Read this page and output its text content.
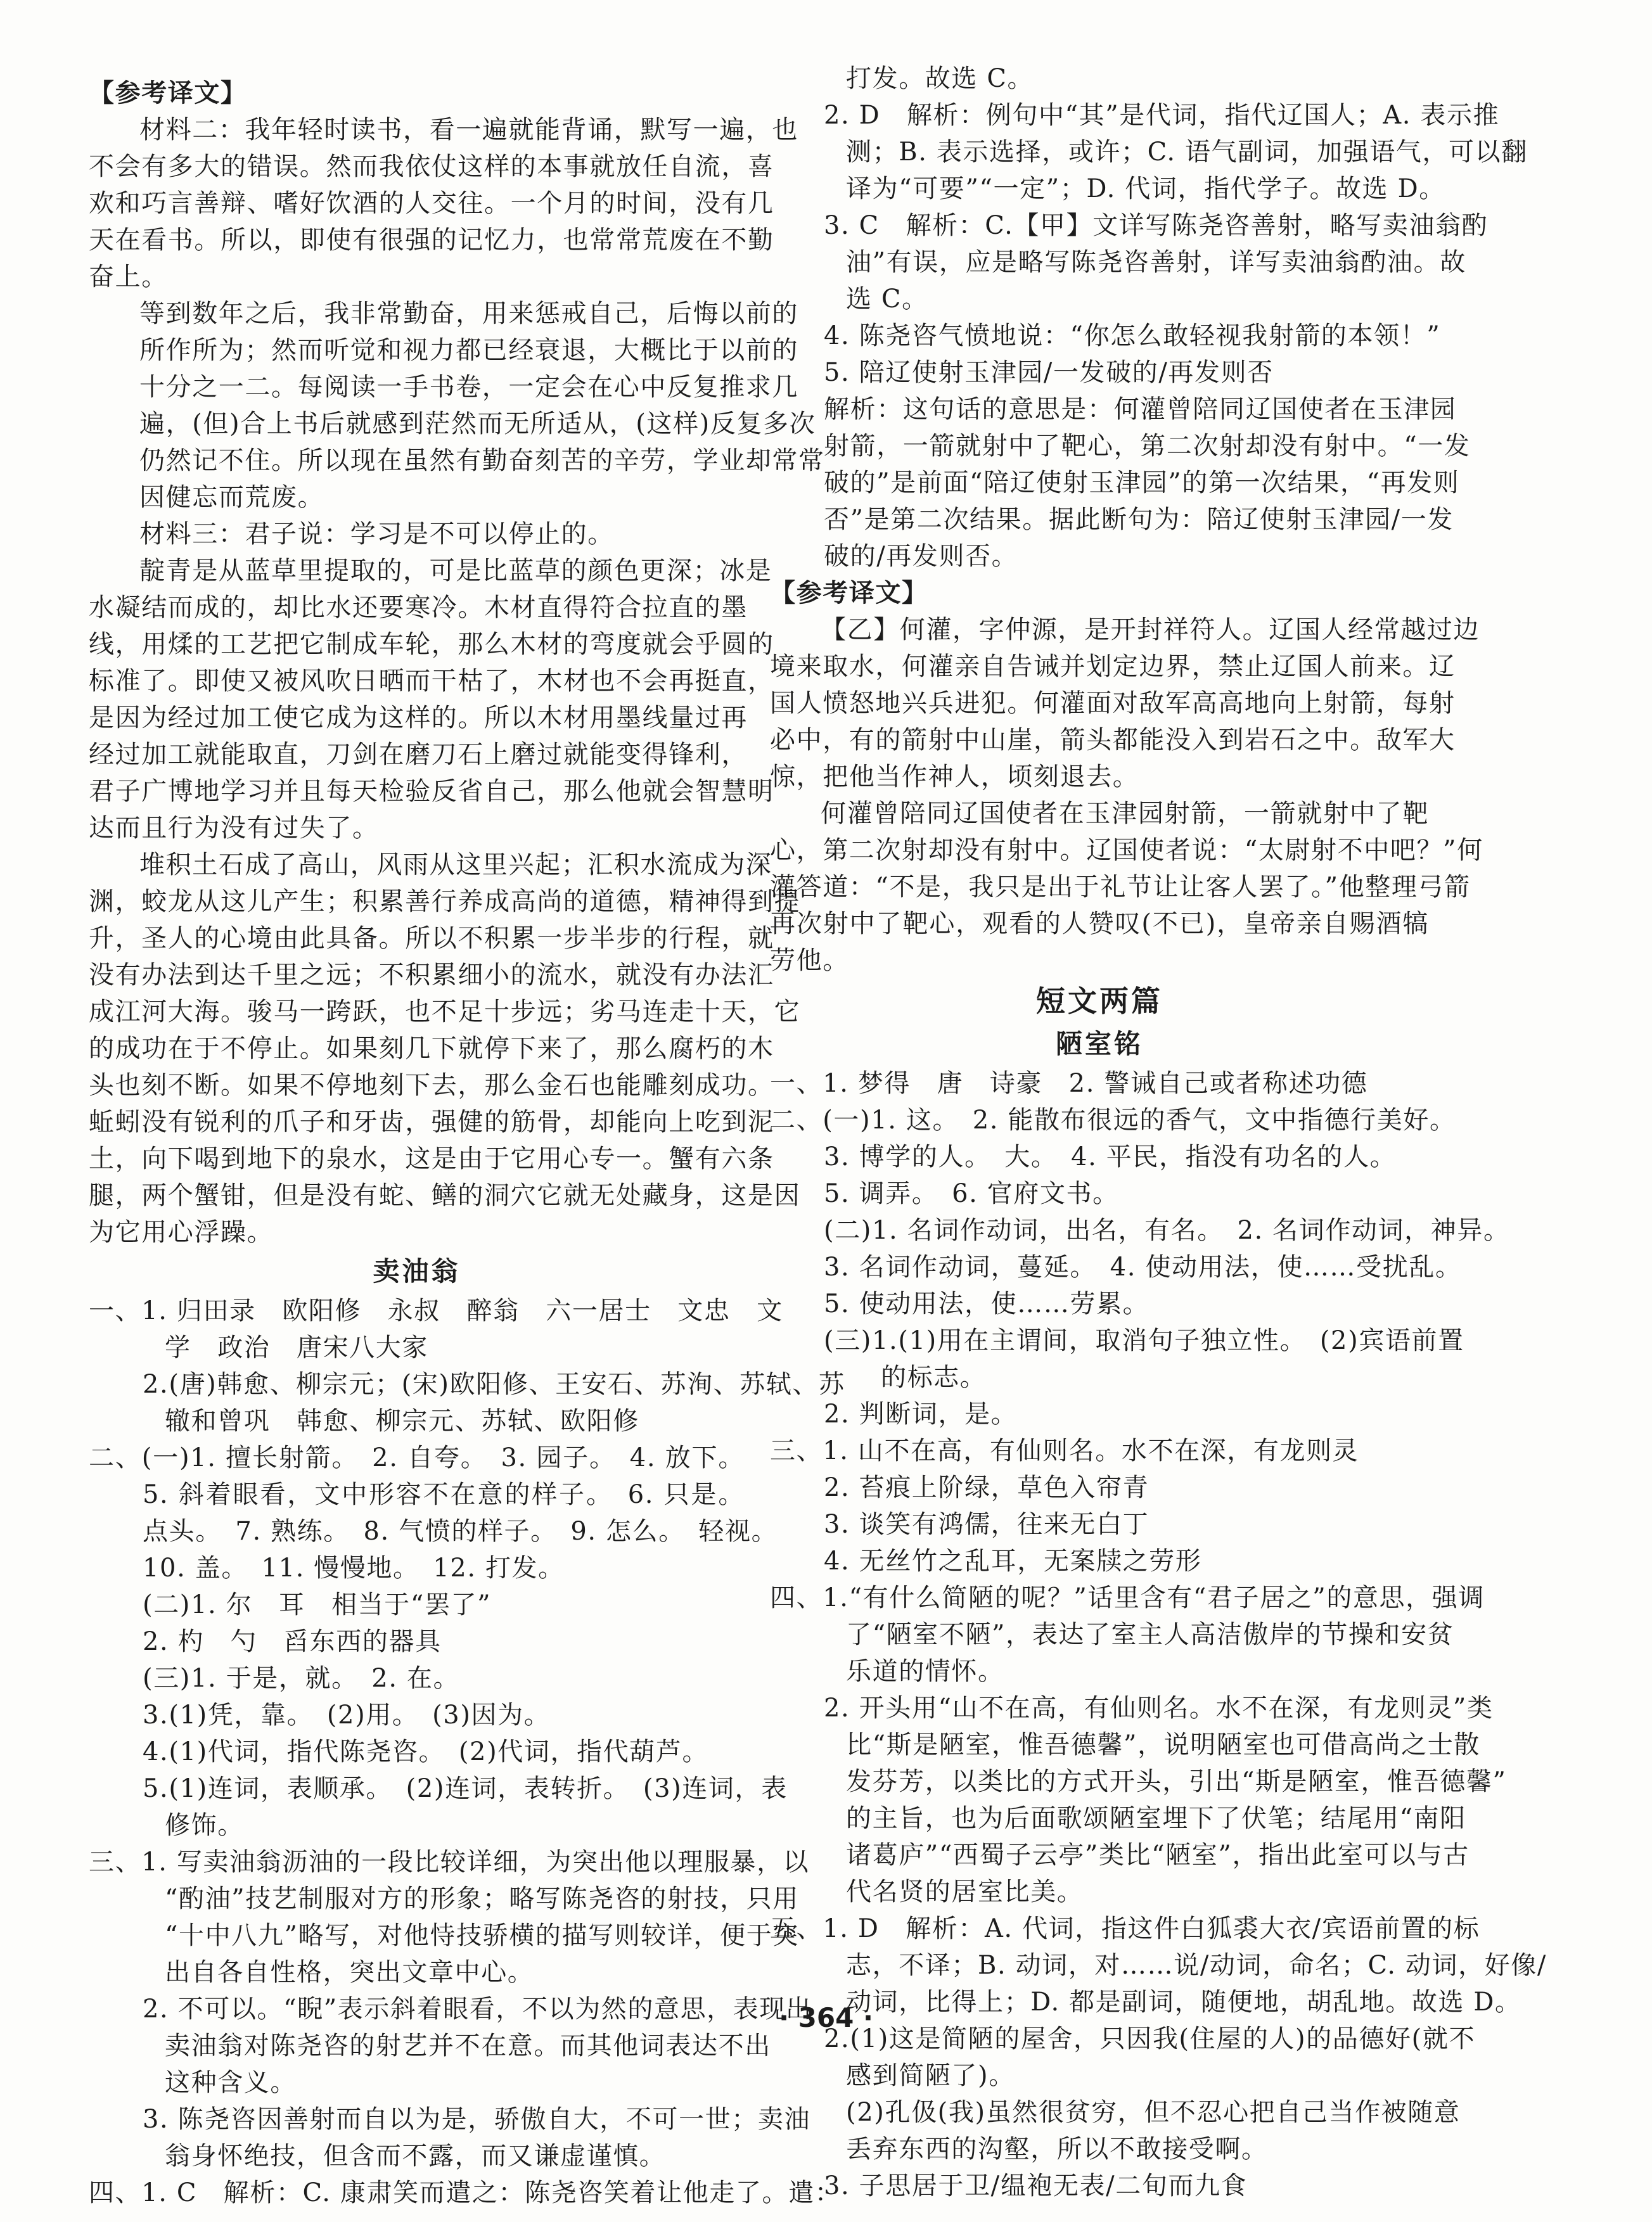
【参考译文】
材料二：我年轻时读书，看一遍就能背诵，默写一遍，也
不会有多大的错误。然而我依仗这样的本事就放任自流，喜
欢和巧言善辩、嗜好饮酒的人交往。一个月的时间，没有几
天在看书。所以，即使有很强的记忆力，也常常荒废在不勤
奋上。
等到数年之后，我非常勤奋，用来惩戒自己，后悔以前的
所作所为；然而听觉和视力都已经衰退，大概比于以前的
十分之一二。每阅读一手书卷，一定会在心中反复推求几
遍，(但)合上书后就感到茫然而无所适从，(这样)反复多次
仍然记不住。所以现在虽然有勤奋刻苦的辛劳，学业却常常
因健忘而荒废。
材料三：君子说：学习是不可以停止的。
靛青是从蓝草里提取的，可是比蓝草的颜色更深；冰是
水凝结而成的，却比水还要寒冷。木材直得符合拉直的墨
线，用煣的工艺把它制成车轮，那么木材的弯度就会乎圆的
标准了。即使又被风吹日晒而干枯了，木材也不会再挺直，
是因为经过加工使它成为这样的。所以木材用墨线量过再
经过加工就能取直，刀剑在磨刀石上磨过就能变得锋利，
君子广博地学习并且每天检验反省自己，那么他就会智慧明
达而且行为没有过失了。
堆积土石成了高山，风雨从这里兴起；汇积水流成为深
渊，蛟龙从这儿产生；积累善行养成高尚的道德，精神得到提
升，圣人的心境由此具备。所以不积累一步半步的行程，就
没有办法到达千里之远；不积累细小的流水，就没有办法汇
成江河大海。骏马一跨跃，也不足十步远；劣马连走十天，它
的成功在于不停止。如果刻几下就停下来了，那么腐朽的木
头也刻不断。如果不停地刻下去，那么金石也能雕刻成功。
蚯蚓没有锐利的爪子和牙齿，强健的筋骨，却能向上吃到泥
土，向下喝到地下的泉水，这是由于它用心专一。蟹有六条
腿，两个蟹钳，但是没有蛇、鳝的洞穴它就无处藏身，这是因
为它用心浮躁。
卖油翁
一、1. 归田录　欧阳修　永叔　醉翁　六一居士　文忠　文
学　政治　唐宋八大家
2.(唐)韩愈、柳宗元；(宋)欧阳修、王安石、苏洵、苏轼、苏
辙和曾巩　韩愈、柳宗元、苏轼、欧阳修
二、(一)1. 擅长射箭。　2. 自夸。　3. 园子。　4. 放下。
5. 斜着眼看，文中形容不在意的样子。　6. 只是。
点头。　7. 熟练。　8. 气愤的样子。　9. 怎么。　轻视。
10. 盖。　11. 慢慢地。　12. 打发。
(二)1. 尔　耳　相当于“罢了”
2. 杓　勺　舀东西的器具
(三)1. 于是，就。　2. 在。
3.(1)凭，靠。　(2)用。　(3)因为。
4.(1)代词，指代陈尧咨。　(2)代词，指代葫芦。
5.(1)连词，表顺承。　(2)连词，表转折。　(3)连词，表
修饰。
三、1. 写卖油翁沥油的一段比较详细，为突出他以理服暴，以
“酌油”技艺制服对方的形象；略写陈尧咨的射技，只用
“十中八九”略写，对他恃技骄横的描写则较详，便于突
出自各自性格，突出文章中心。
2. 不可以。“睨”表示斜着眼看，不以为然的意思，表现出
卖油翁对陈尧咨的射艺并不在意。而其他词表达不出
这种含义。
3. 陈尧咨因善射而自以为是，骄傲自大，不可一世；卖油
翁身怀绝技，但含而不露，而又谦虚谨慎。
四、1. C　解析：C. 康肃笑而遣之：陈尧咨笑着让他走了。遣：
打发。故选 C。
2. D　解析：例句中“其”是代词，指代辽国人；A. 表示推
测；B. 表示选择，或许；C. 语气副词，加强语气，可以翻
译为“可要”“一定”；D. 代词，指代学子。故选 D。
3. C　解析：C.【甲】文详写陈尧咨善射，略写卖油翁酌
油”有误，应是略写陈尧咨善射，详写卖油翁酌油。故
选 C。
4. 陈尧咨气愤地说：“你怎么敢轻视我射箭的本领！”
5. 陪辽使射玉津园/一发破的/再发则否
解析：这句话的意思是：何灌曾陪同辽国使者在玉津园
射箭，一箭就射中了靶心，第二次射却没有射中。“一发
破的”是前面“陪辽使射玉津园”的第一次结果，“再发则
否”是第二次结果。据此断句为：陪辽使射玉津园/一发
破的/再发则否。
【参考译文】
【乙】何灌，字仲源，是开封祥符人。辽国人经常越过边
境来取水，何灌亲自告诫并划定边界，禁止辽国人前来。辽
国人愤怒地兴兵进犯。何灌面对敌军高高地向上射箭，每射
必中，有的箭射中山崖，箭头都能没入到岩石之中。敌军大
惊，把他当作神人，顷刻退去。
何灌曾陪同辽国使者在玉津园射箭，一箭就射中了靶
心，第二次射却没有射中。辽国使者说：“太尉射不中吧？”何
灌答道：“不是，我只是出于礼节让让客人罢了。”他整理弓箭
再次射中了靶心，观看的人赞叹(不已)，皇帝亲自赐酒犒
劳他。
短文两篇
陋室铭
一、1. 梦得　唐　诗豪　2. 警诫自己或者称述功德
二、(一)1. 这。　2. 能散布很远的香气，文中指德行美好。
3. 博学的人。　大。　4. 平民，指没有功名的人。
5. 调弄。　6. 官府文书。
(二)1. 名词作动词，出名，有名。　2. 名词作动词，神异。
3. 名词作动词，蔓延。　4. 使动用法，使……受扰乱。
5. 使动用法，使……劳累。
(三)1.(1)用在主谓间，取消句子独立性。　(2)宾语前置
的标志。
2. 判断词，是。
三、1. 山不在高，有仙则名。水不在深，有龙则灵
2. 苔痕上阶绿，草色入帘青
3. 谈笑有鸿儒，往来无白丁
4. 无丝竹之乱耳，无案牍之劳形
四、1.“有什么简陋的呢？”话里含有“君子居之”的意思，强调
了“陋室不陋”，表达了室主人高洁傲岸的节操和安贫
乐道的情怀。
2. 开头用“山不在高，有仙则名。水不在深，有龙则灵”类
比“斯是陋室，惟吾德馨”，说明陋室也可借高尚之士散
发芬芳，以类比的方式开头，引出“斯是陋室，惟吾德馨”
的主旨，也为后面歌颂陋室埋下了伏笔；结尾用“南阳
诸葛庐”“西蜀子云亭”类比“陋室”，指出此室可以与古
代名贤的居室比美。
五、1. D　解析：A. 代词，指这件白狐裘大衣/宾语前置的标
志，不译；B. 动词，对……说/动词，命名；C. 动词，好像/
动词，比得上；D. 都是副词，随便地，胡乱地。故选 D。
2.(1)这是简陋的屋舍，只因我(住屋的人)的品德好(就不
感到简陋了)。
(2)孔伋(我)虽然很贫穷，但不忍心把自己当作被随意
丢弃东西的沟壑，所以不敢接受啊。
3. 子思居于卫/缊袍无表/二旬而九食
· 364 ·
